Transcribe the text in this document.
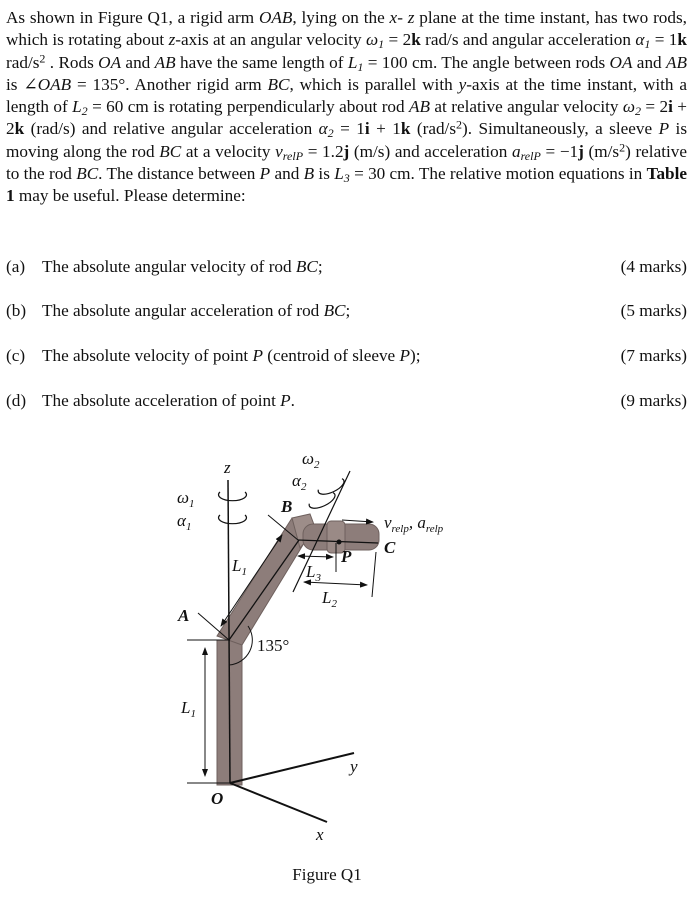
As shown in Figure Q1, a rigid arm OAB, lying on the x- z plane at the time instant, has two rods, which is rotating about z-axis at an angular velocity $\omega_1 = 2k$ rad/s and angular acceleration $\alpha_1 = 1k$ rad/$s^2$ . Rods OA and AB have the same length of $L_1 = 100$ cm. The angle between rods OA and AB is ∠OAB = 135°. Another rigid arm BC, which is parallel with y-axis at the time instant, with a length of $L_2 = 60$ cm is rotating perpendicularly about rod AB at relative angular velocity $\omega_2 = 2i + 2k$ (rad/s) and relative angular acceleration $\alpha_2 = 1i + 1k$ $(rad/s^2)$. Simultaneously, a sleeve P is moving along the rod BC at a velocity $v_{relP} = 1.2j$ (m/s) and acceleration $a_{relP} = -1j$ $(m/s^2)$ relative to the rod BC. The distance between P and B is $L_3 = 30$ cm. The relative motion equations in Table 1 may be useful. Please determine:
(a) The absolute angular velocity of rod BC;	(4 marks)
(b) The absolute angular acceleration of rod BC;	(5 marks)
(c) The absolute velocity of point P (centroid of sleeve P);	(7 marks)
(d) The absolute acceleration of point P.	(9 marks)
z
$\omega_1$
$\alpha_1$
$\omega_2$
$\alpha_2$
B
$v_{relp}$, $a_{relp}$
C
P
$L_1$	$L_3$
$L_2$
A
135°
$L_1$
O
y
x
Figure Q1
